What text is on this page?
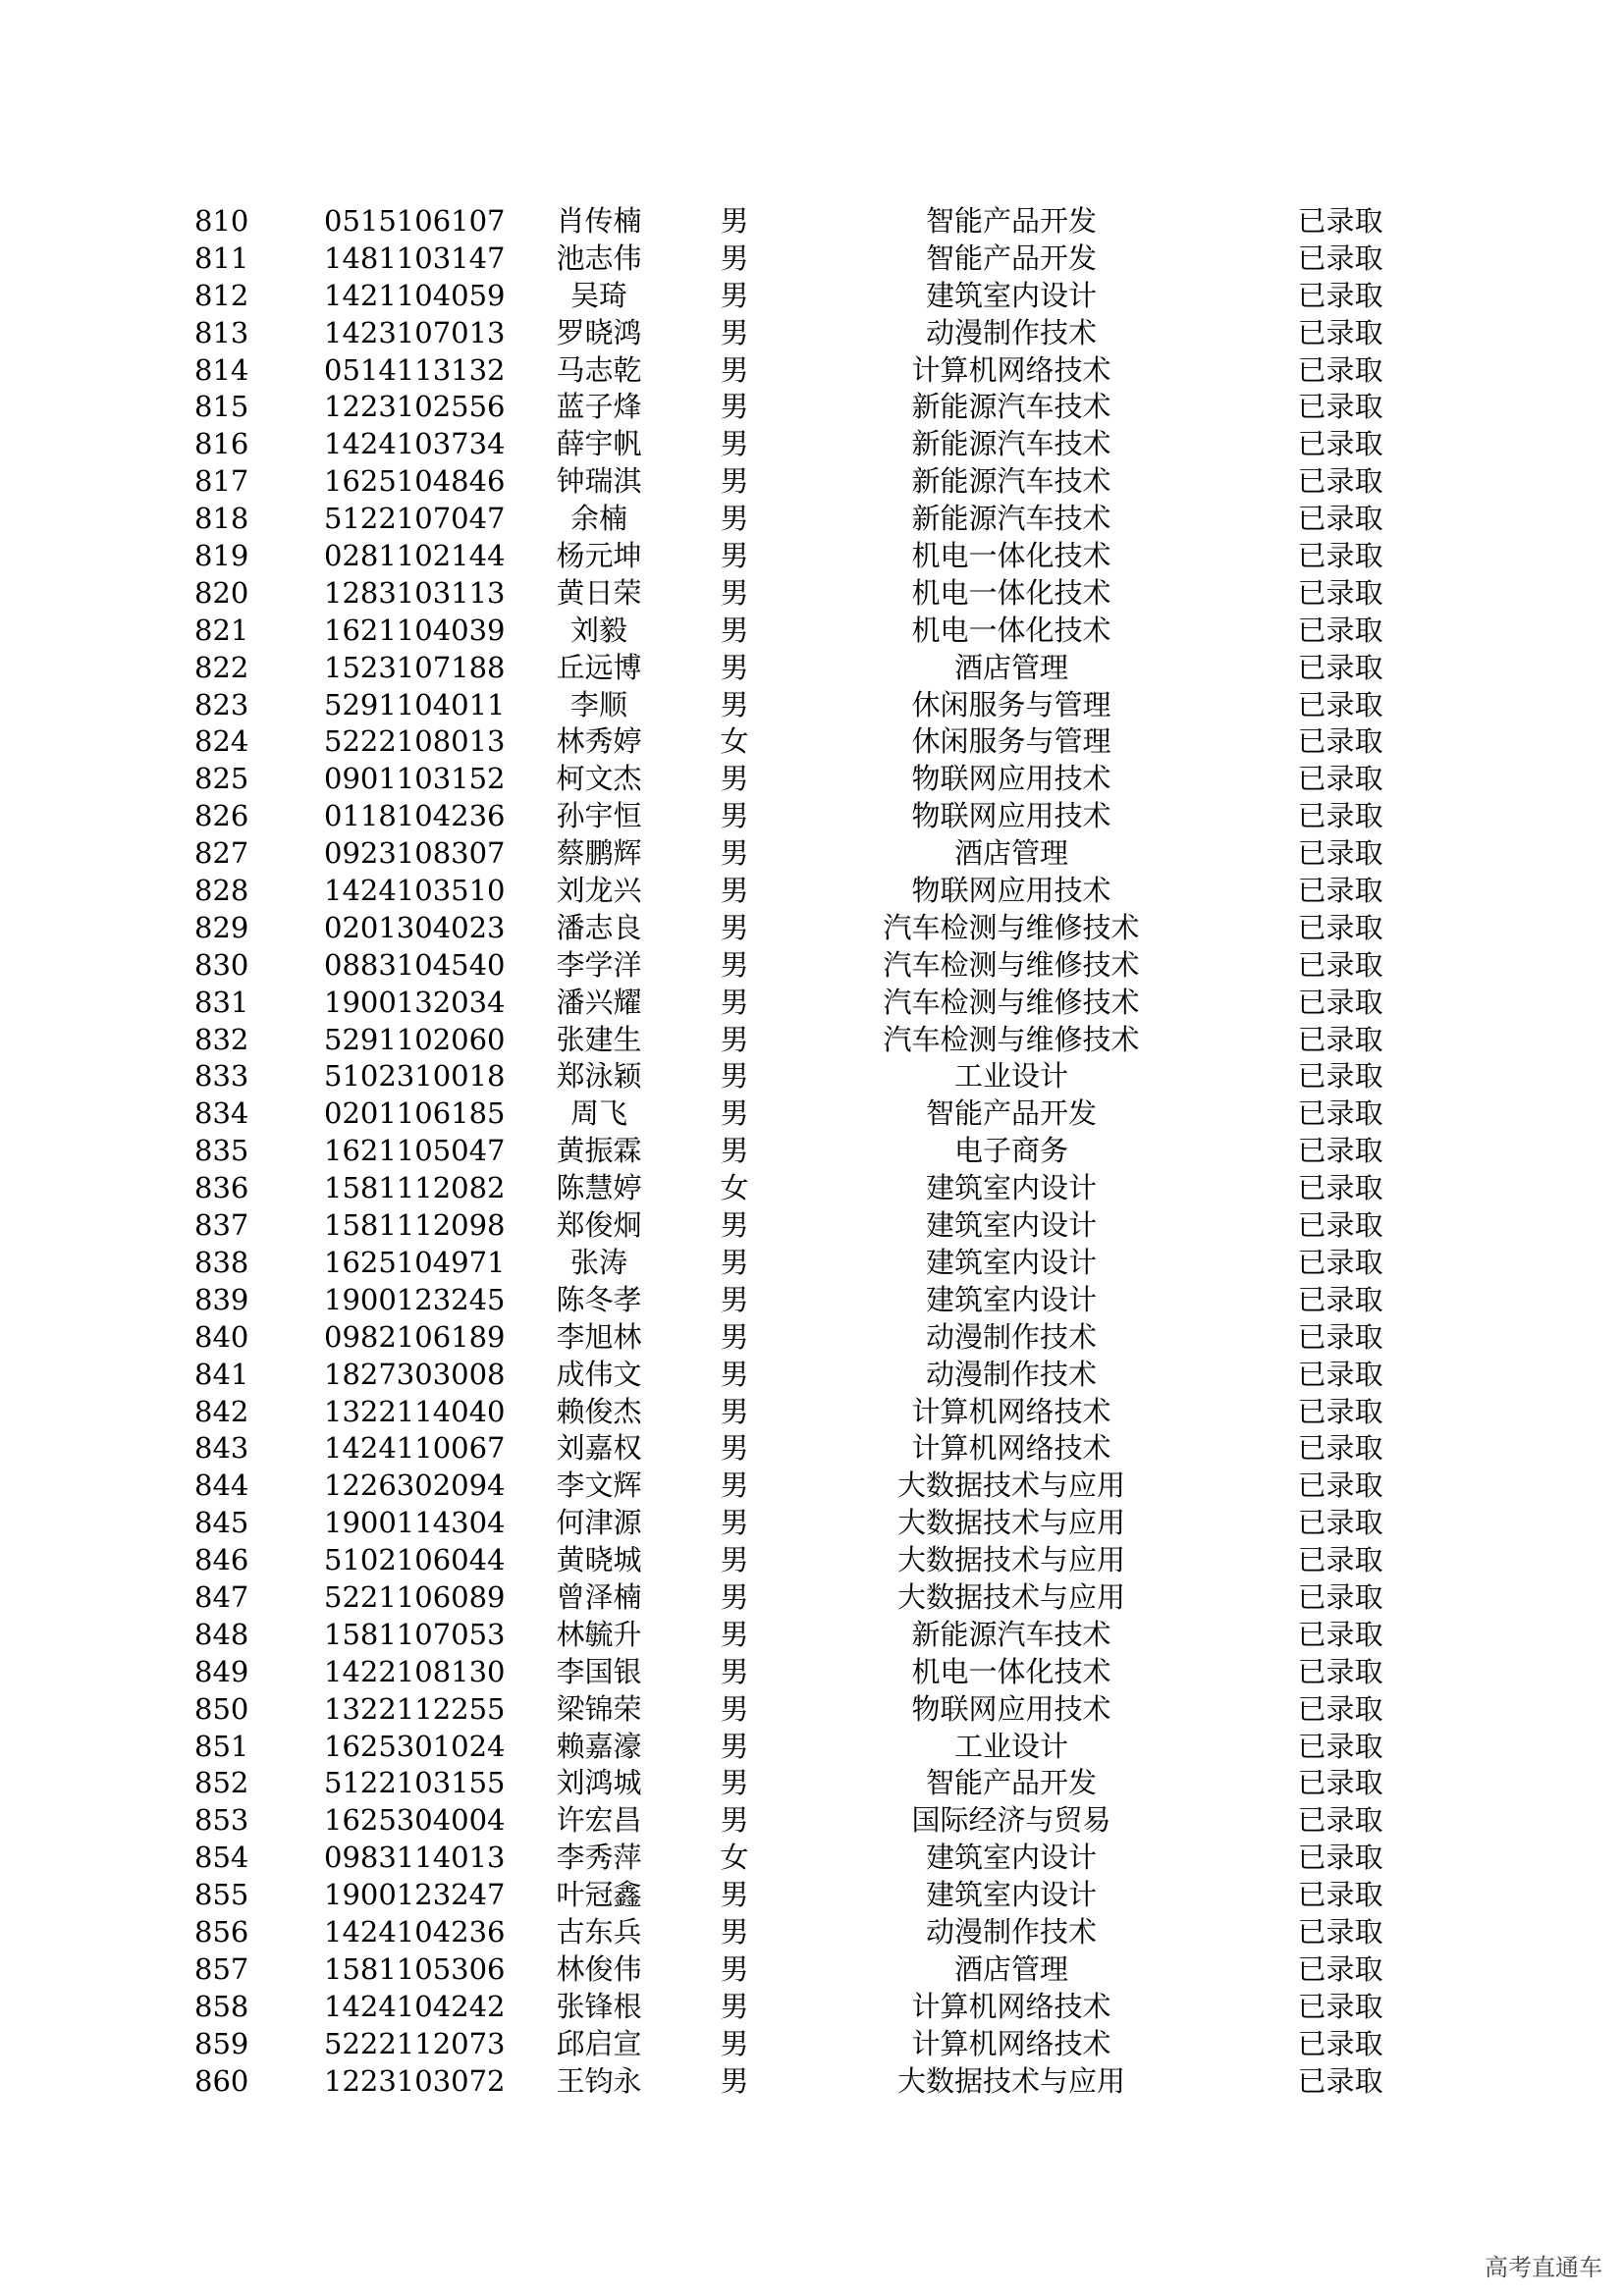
810	0515106107	肖传楠	男	智能产品开发	已录取
811	1481103147	池志伟	男	智能产品开发	已录取
812	1421104059	吴琦	男	建筑室内设计	已录取
813	1423107013	罗晓鸿	男	动漫制作技术	已录取
814	0514113132	马志乾	男	计算机网络技术	已录取
815	1223102556	蓝子烽	男	新能源汽车技术	已录取
816	1424103734	薛宇帆	男	新能源汽车技术	已录取
817	1625104846	钟瑞淇	男	新能源汽车技术	已录取
818	5122107047	余楠	男	新能源汽车技术	已录取
819	0281102144	杨元坤	男	机电一体化技术	已录取
820	1283103113	黄日荣	男	机电一体化技术	已录取
821	1621104039	刘毅	男	机电一体化技术	已录取
822	1523107188	丘远博	男	酒店管理	已录取
823	5291104011	李顺	男	休闲服务与管理	已录取
824	5222108013	林秀婷	女	休闲服务与管理	已录取
825	0901103152	柯文杰	男	物联网应用技术	已录取
826	0118104236	孙宇恒	男	物联网应用技术	已录取
827	0923108307	蔡鹏辉	男	酒店管理	已录取
828	1424103510	刘龙兴	男	物联网应用技术	已录取
829	0201304023	潘志良	男	汽车检测与维修技术	已录取
830	0883104540	李学洋	男	汽车检测与维修技术	已录取
831	1900132034	潘兴耀	男	汽车检测与维修技术	已录取
832	5291102060	张建生	男	汽车检测与维修技术	已录取
833	5102310018	郑泳颖	男	工业设计	已录取
834	0201106185	周飞	男	智能产品开发	已录取
835	1621105047	黄振霖	男	电子商务	已录取
836	1581112082	陈慧婷	女	建筑室内设计	已录取
837	1581112098	郑俊炯	男	建筑室内设计	已录取
838	1625104971	张涛	男	建筑室内设计	已录取
839	1900123245	陈冬孝	男	建筑室内设计	已录取
840	0982106189	李旭林	男	动漫制作技术	已录取
841	1827303008	成伟文	男	动漫制作技术	已录取
842	1322114040	赖俊杰	男	计算机网络技术	已录取
843	1424110067	刘嘉权	男	计算机网络技术	已录取
844	1226302094	李文辉	男	大数据技术与应用	已录取
845	1900114304	何津源	男	大数据技术与应用	已录取
846	5102106044	黄晓城	男	大数据技术与应用	已录取
847	5221106089	曾泽楠	男	大数据技术与应用	已录取
848	1581107053	林毓升	男	新能源汽车技术	已录取
849	1422108130	李国银	男	机电一体化技术	已录取
850	1322112255	梁锦荣	男	物联网应用技术	已录取
851	1625301024	赖嘉濠	男	工业设计	已录取
852	5122103155	刘鸿城	男	智能产品开发	已录取
853	1625304004	许宏昌	男	国际经济与贸易	已录取
854	0983114013	李秀萍	女	建筑室内设计	已录取
855	1900123247	叶冠鑫	男	建筑室内设计	已录取
856	1424104236	古东兵	男	动漫制作技术	已录取
857	1581105306	林俊伟	男	酒店管理	已录取
858	1424104242	张锋根	男	计算机网络技术	已录取
859	5222112073	邱启宣	男	计算机网络技术	已录取
860	1223103072	王钧永	男	大数据技术与应用	已录取
高考直通车
